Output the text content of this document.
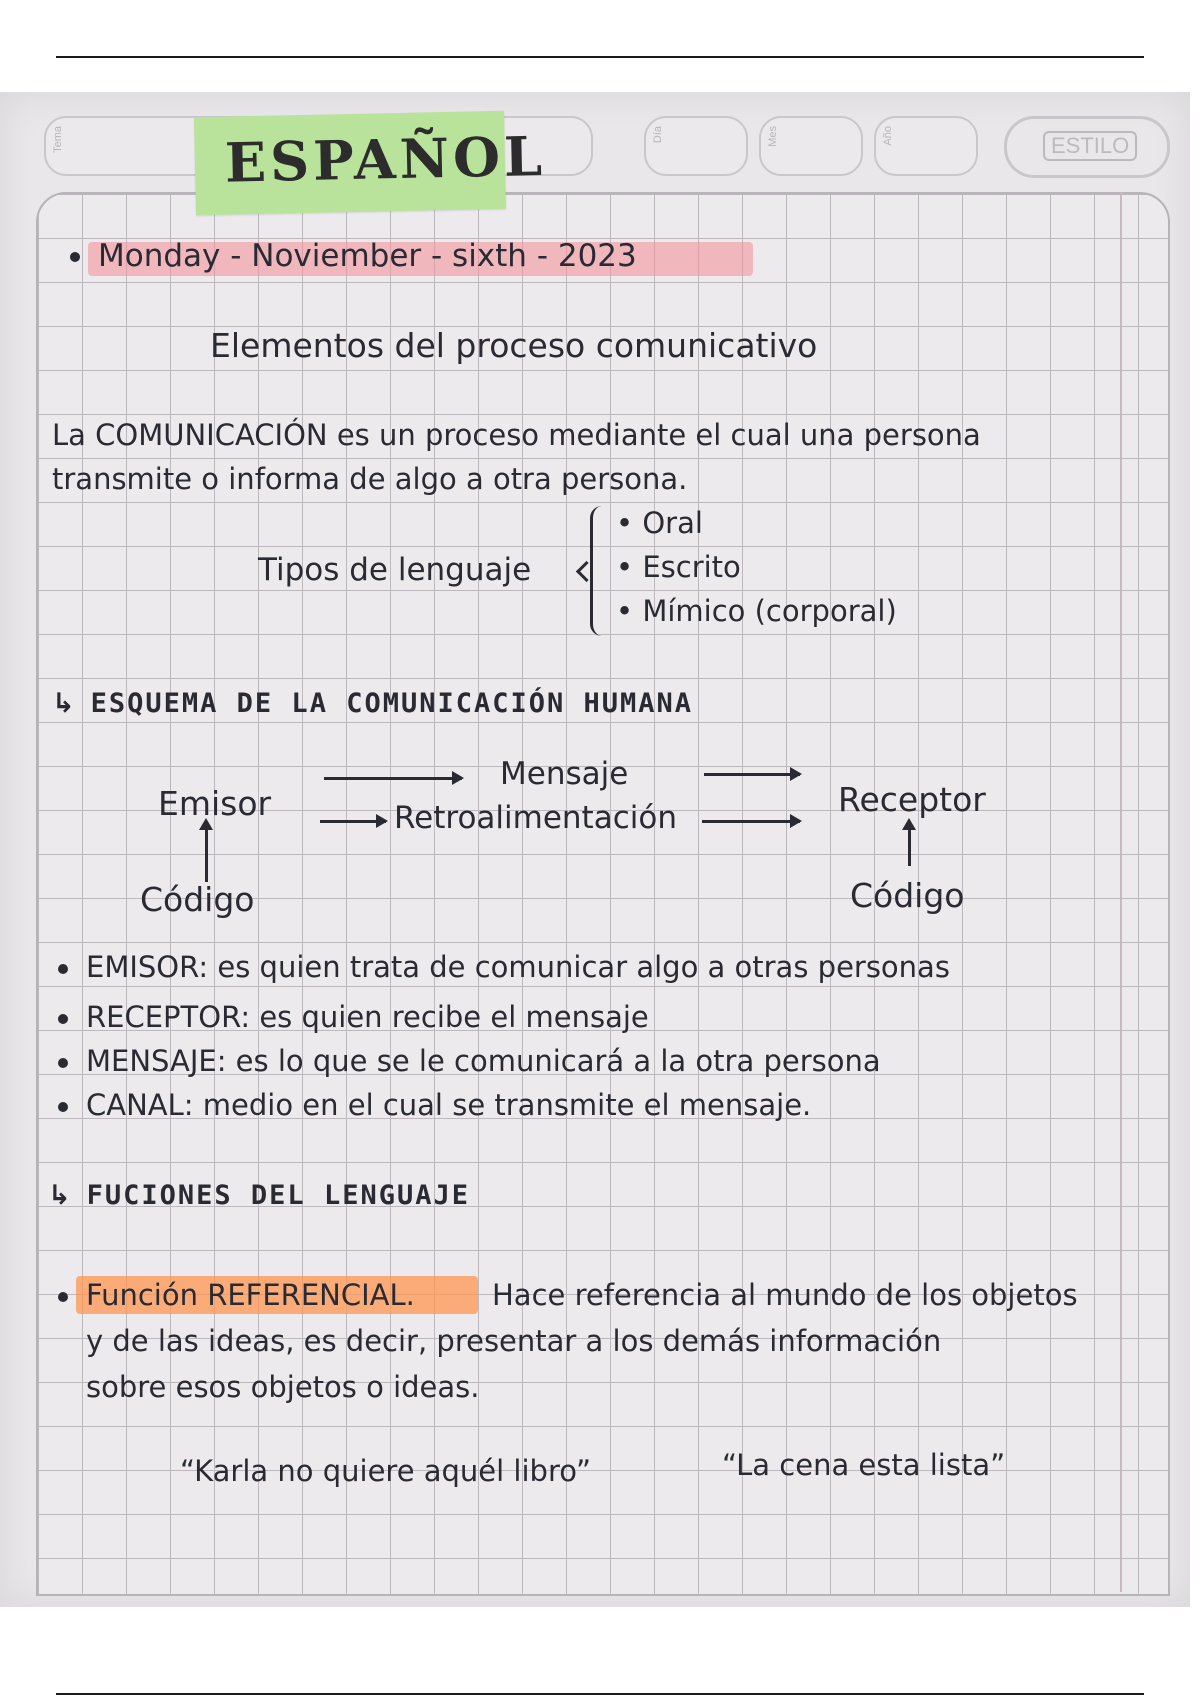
Tema	Día	Mes	Año	ESTILO
ESPAÑOL
Monday - Noviember - sixth - 2023
Elementos del proceso comunicativo
La COMUNICACIÓN es un proceso mediante el cual una persona
transmite o informa de algo a otra persona.
Tipos de lenguaje
• Oral
• Escrito
• Mímico (corporal)
↳ ESQUEMA DE LA COMUNICACIÓN HUMANA
Emisor
Mensaje
Retroalimentación	Receptor
Código	Código
EMISOR: es quien trata de comunicar algo a otras personas
RECEPTOR: es quien recibe el mensaje
MENSAJE: es lo que se le comunicará a la otra persona
CANAL: medio en el cual se transmite el mensaje.
↳ FUCIONES DEL LENGUAJE
Función REFERENCIAL.	Hace referencia al mundo de los objetos
y de las ideas, es decir, presentar a los demás información
sobre esos objetos o ideas.
“Karla no quiere aquél libro”	“La cena esta lista”
